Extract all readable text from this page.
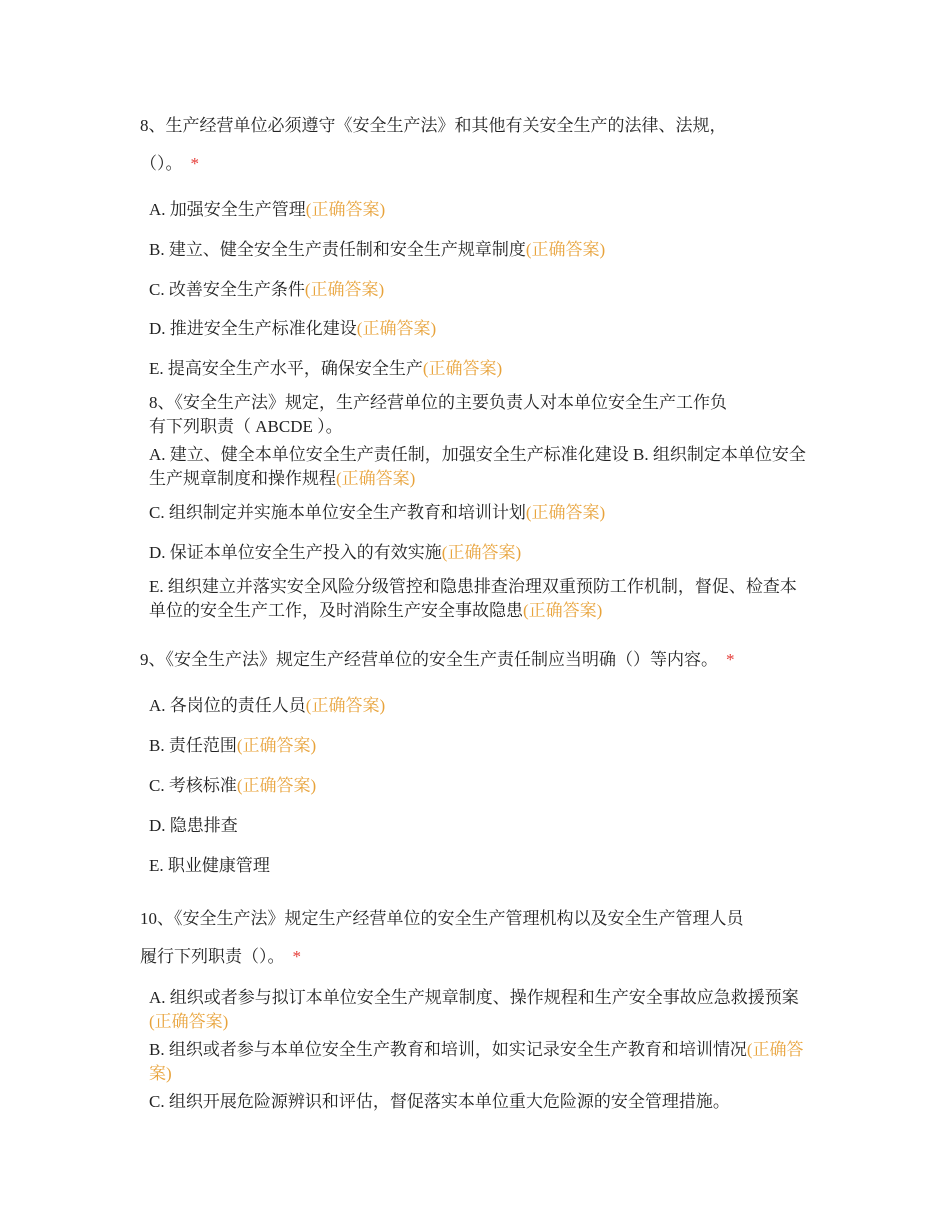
8、生产经营单位必须遵守《安全生产法》和其他有关安全生产的法律、法规，
（）。 *
A. 加强安全生产管理(正确答案)
B. 建立、健全安全生产责任制和安全生产规章制度(正确答案)
C. 改善安全生产条件(正确答案)
D. 推进安全生产标准化建设(正确答案)
E. 提高安全生产水平，确保安全生产(正确答案)
8、《安全生产法》规定，生产经营单位的主要负责人对本单位安全生产工作负
有下列职责（ ABCDE ）。
A. 建立、健全本单位安全生产责任制，加强安全生产标准化建设 B. 组织制定本单位安全生产规章制度和操作规程(正确答案)
C. 组织制定并实施本单位安全生产教育和培训计划(正确答案)
D. 保证本单位安全生产投入的有效实施(正确答案)
E. 组织建立并落实安全风险分级管控和隐患排查治理双重预防工作机制，督促、检查本单位的安全生产工作，及时消除生产安全事故隐患(正确答案)
9、《安全生产法》规定生产经营单位的安全生产责任制应当明确（）等内容。 *
A. 各岗位的责任人员(正确答案)
B. 责任范围(正确答案)
C. 考核标准(正确答案)
D. 隐患排查
E. 职业健康管理
10、《安全生产法》规定生产经营单位的安全生产管理机构以及安全生产管理人员
履行下列职责（）。 *
A. 组织或者参与拟订本单位安全生产规章制度、操作规程和生产安全事故应急救援预案(正确答案)
B. 组织或者参与本单位安全生产教育和培训，如实记录安全生产教育和培训情况(正确答案)
C. 组织开展危险源辨识和评估，督促落实本单位重大危险源的安全管理措施。
